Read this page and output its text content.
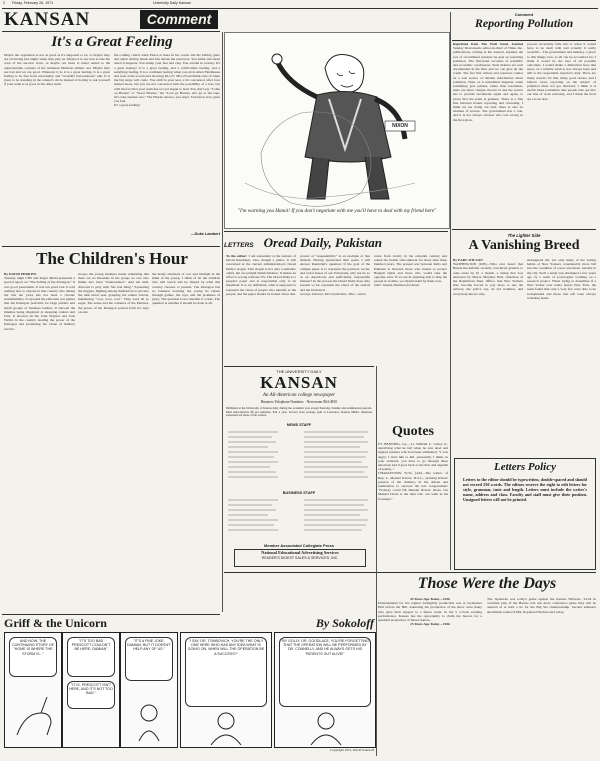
2 Friday, February 26, 1971	University Daily Kansan
KANSAN	Comment	Comment
Reporting Pollution
Reprinted from The Wall Street Journal Sunday Dowstream, editor-in-chief of Times Inc. publications, writing in the Journal, explains the sort of recruitment pressure he gets on reporting pollution. The first-hand accounts of scientific and economic conclusions. Such matters are well documented in the files and we can give all the credit. The fact that writers and reporters cannot be a sole source of reliable information about pollution. Then, as it sometimes happens, when something gets printed, rather than resolution, there are more charges thrown in and the source has to provide documents again and again, to prove that the point is genuine. There is a fine line between honest reporting and crusading. I think we are doing our best, there is also an element of lecture. The government has a role, and it is not always obvious who was wrong in the first place.
process invariably falls into it when it would have to be dealt with and actually it really wouldn't... The government and industry, a place to talk things over, so all can be accounted for; I think it would be the best of all possible outcomes. I would make a distinction here that news, as a reliable service, has always been and still is the responsible reporter's duty. There are many reasons for this, many good stories, and I believe news reporting on the subject of pollution must not get distorted. I think it is useful when journalists take people who get into our line of work seriously, and I think the facts are on our side.
It's a Great Feeling
Maybe the opposition is not as good as it's supposed to be, or maybe they are all having bad nights when they play us. Maybe it is our turn to ride the crest of the success wave, or maybe our heart is better suited to the unpredictable currents of the turbulent Midwest athletic sea. Maybe they are bad and we are good. Whatever it is, it is a great feeling. It is a great feeling to be free from uncertainty and "wouldn't but-someone" talk. It is great to be standing in the winner's circle instead of having to ask yourself if your team is as good as the other team.
the coming clutch when Pierre is there in his couch and his balling glare and quick darting hands and fast means the turnovers. You smile and shout when it happens. You stomp your feet and clap. You scream in ecstasy. It's a great feeling! It is a great feeling, and a comfortable feeling, and a satisfying feeling. It is a confident feeling when you sit in Allen Fieldhouse and look at the scoreboard showing KU-27, MU-23 and think only of when the big surge will come. You shift in your seat, a bit concerned, after four missed shots, but you are not concerned with the possibility of a loss, but with the fact that your team has not yet begun to lead. You don't say "Come on Hawks" or "Sever Hawks," but "Let's go Hawks, let's go to the tape, let's take another one." The Hawks answer, you erupt. You know how great you feel.
It's a great feeling!
—Duke Lambert
NIXON
"I'm warning you Hanoi! If you don't negotiate with me you'll have to deal with my friend here"
The Lighter Side
A Vanishing Breed
By EARL WILSON
WASHINGTON (UPI)—Who ever heard that Bessie Rockefeller recently convinced glaziers to raise taxes by $1 a month, a ruling that was endorsed by Mayor Mayhew Ball, chairman of the Republican Dept. Office, that New Yorkers may become forced to pay more to use the subway, the police say, an old tradition, and everybody knows why.
endangered list, not only many of the vexing habits of New Yorkers considerably more fall into the condition of a new and mean, harshly in the city. Such a study was attempted a few years ago by a team of sociologists working on a research project. When trying to determine if a New Yorker ever really leaves New York, the team found that only a very few were able to be transplanted and those that left were always returning home.
LETTERS Oread Daily, Pakistan
The Children's Hour
By DAVID PERKINS
Tuesday night CBS and Roger Mudd presented a special report on "The Selling of the Pentagon." It was good journalism. It was ten years late. It told nothing new to anyone in this country who during the last ten years has not been a chronic somnambulist. It reported the elaborate war games that the Pentagon performs for large publics and small groups of business leaders. It showed the missiles being displayed at shopping centers and fairs. It showed all the John Waynes and Jack Webbs in the country lauding the power of the Pentagon and promoting the virtue of military service.
troops; the young business leader remarking that there are no Russians in his group, no one who thinks he's been "brainwashed." And the kids. Allowed to play with "the real thing." Squeezing the triggers, fighting among themselves to get into the tank turret seat, grasping the ramon barrels, murmuring "cool, wow, cool." They were all so eager. The sense and the romance of the Marines, the power of the Pentagon poured forth for days on end.
the heady emotions of war and triumph in the mind of the young. I think of all the children who will watch and be shaped by what this country chooses to present. The Pentagon has no business teaching the young its values through games, the toys, and the promises of glory. The question is not whether it works. The question is whether it should be done at all.
To the editor: I am astounded at the naivete of David Randolph, who, though a junior, is still concerned at the current administration's Oread Daily's slogan. That slogan is not only a semantic outlet, but an outright disinformation. It makes an effort to wrong with the US. The Oread Daily is a people's paper and is responsible only to its masthead. It is, by definition, what is supposed to represent the views of people who identify as the people, and the paper should be honest about that.
protest of "responsibility" is an example of that attitude. Having questioned their goals, I will answer Randolph's question: if the goal of the campus paper is to represent the political, social, and racial issues of our University, why not do so as an objectively and sufficiently responsible manner? In the process the Oread Daily does only present so far represent the views of the radical and the frustrated.
George Johnson, McConnelsville, Wisc., senior
come from rivalry in the eleventh century and raised the Indian subcontinent for more than three hundred years. The present war between India and Pakistan is between those who intend to protect Bengali rights and those who would take the opposite view. If we are in anything able to help the people in trouble, we should stand by them now.
Siber Javaid, Pakistan freshman
THE UNIVERSITY DAILY
KANSAN
An All-American college newspaper
Business Telephone Numbers · Newsroom 864-4810
Published at the University of Kansas daily during the academic year except Saturday, Sunday and examination periods. Mail subscriptions $6 per semester, $10 a year. Second class postage paid at Lawrence, Kansas 66044. Opinions expressed are those of the writers.
NEWS STAFF
BUSINESS STAFF
Member Associated Collegiate Press
National Educational Advertising Services
READER'S DIGEST SALES & SERVICES, INC.
Quotes
FT. BENNING, Ga.—Lt. William L. Calley Jr., describing what he felt when he saw dead and injured soldiers who had been ambushed: "I was angry. I don't like to kill, personally. I think, in your stomach, you have to go through these emotions and it goes back to the hurt and anguish of seeing..."
CHARLESTON, W.Va. (AP)—The widow of Rep. L. Mendel Rivers, D-S.C., praising Rivers' passion of the military, in the debate and nomination to succeed the late congressman: "Nobody could fill Mendel Rivers' shoes, but Mendel Davis is the man who can walk in his footsteps."
Letters Policy
Letters to the editor should be typewritten, double-spaced and should not exceed 250 words. The editors reserve the right to edit letters for style, grammar, taste and length. Letters must include the writer's name, address and class. Faculty and staff must give their position. Unsigned letters will not be printed.
Those Were the Days
45 Years Ago Today—1926
Entertainment for the regular fortnightly production was at Jayhawker Hall before the Hill. Attending the production of the show were many who gave their support to a future event. In the 5 o'clock evening performance, Kansas has the opportunity to claim the honors for a splendid production of mixed dances.
25 Years Ago Today—1946
The Jayhawks was today's game against the Kansas Wildcats, 34-24 in overtime play. If the Hawks win one more conference game they will be assured of at least a tie for the Big Six championship. Second semester enrollment totaled 3,984, Raymond Nichols said today.
Griff & the Unicorn	By Sokoloff
AND NOW, THE CONTINUING STORY OF "HOME IS WHERE THE STORM IS..."
"IT'S TOO BAD PRESCOTT COULDN'T BE HERE, DAMIAN"
"IT IS, PRESCOTT ISN'T HERE, AND IT'S NOT TOO BAD."
"IT'S A FINE JOKE, DAMIAN. BUT IT DOESN'T HELP ANY OF US."
"I SAY, DR. TOMBOVICH, YOU'RE THE ONLY ONE HERE WHO HAS ANY IDEA WHAT IS GOING ON. WHEN WILL THE OPERATION BE A SUCCESS?"
"BY GOLLY, DR. GOODLACE, YOU'RE FORGETTING THAT THE OPERATION WILL BE PERFORMED BY DR. CONNELLY, AND HE ALWAYS GETS HIS PATIENTS OUT ALIVE!"
Copyright 1971, David Sokoloff
